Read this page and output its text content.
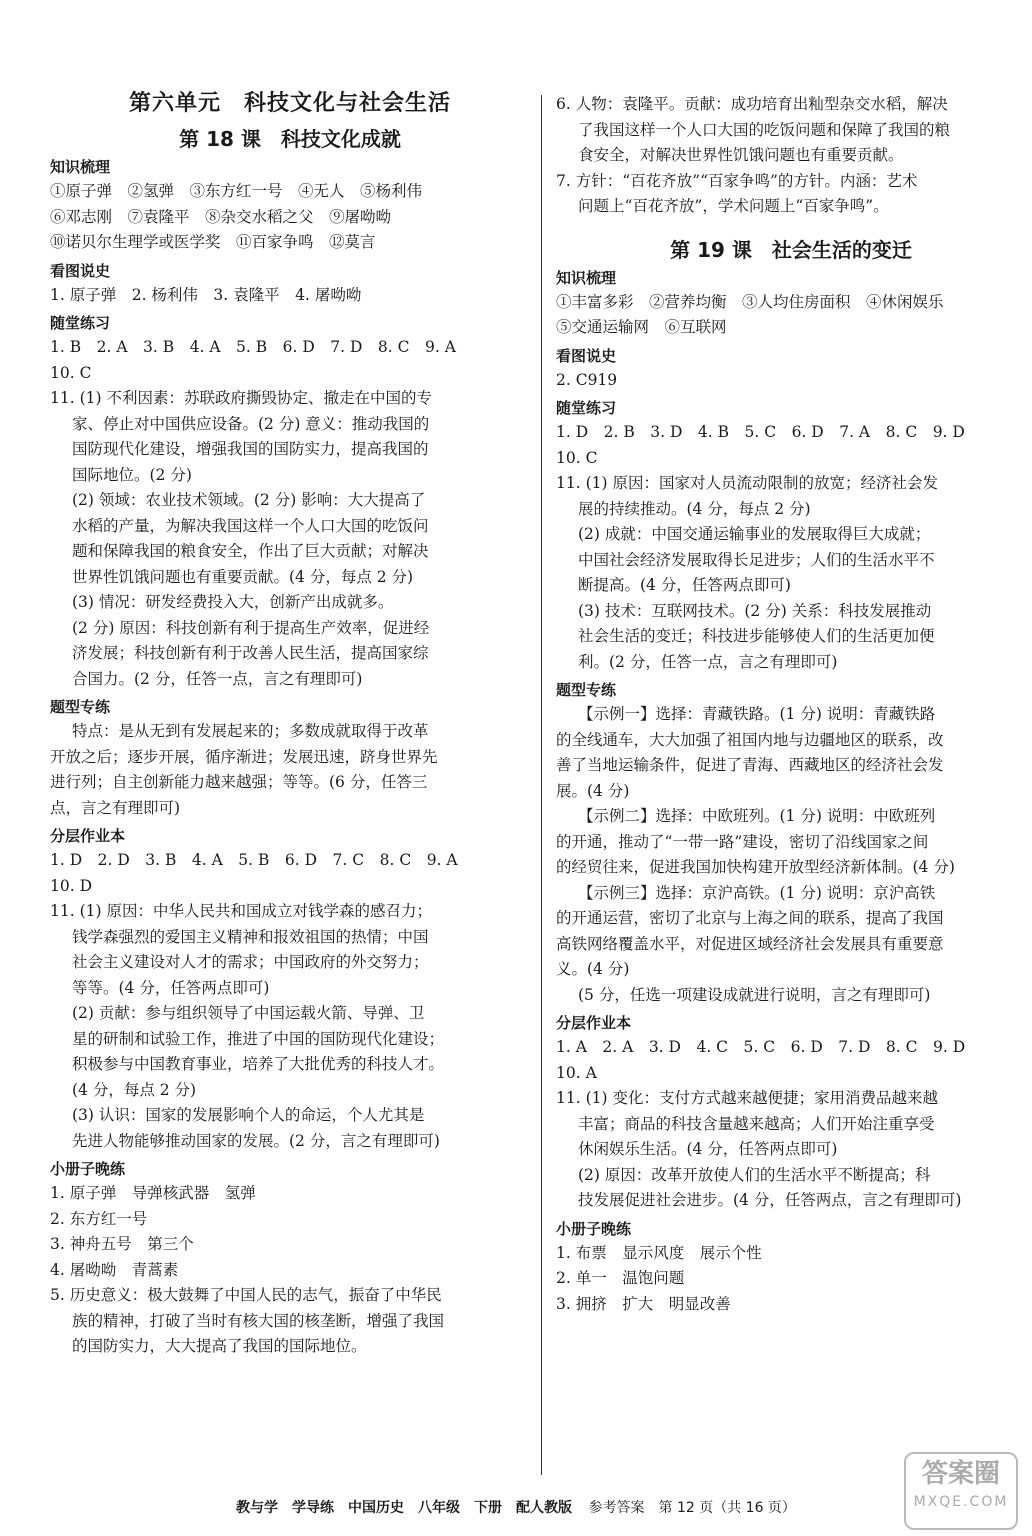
第六单元　科技文化与社会生活
第 18 课　科技文化成就
知识梳理

①原子弹　②氢弹　③东方红一号　④无人　⑤杨利伟

⑥邓志刚　⑦袁隆平　⑧杂交水稻之父　⑨屠呦呦

⑩诺贝尔生理学或医学奖　⑪百家争鸣　⑫莫言

看图说史

1. 原子弹　2. 杨利伟　3. 袁隆平　4. 屠呦呦

随堂练习

1. B　2. A　3. B　4. A　5. B　6. D　7. D　8. C　9. A

10. C

11. (1) 不利因素：苏联政府撕毁协定、撤走在中国的专

家、停止对中国供应设备。(2 分) 意义：推动我国的

国防现代化建设，增强我国的国防实力，提高我国的

国际地位。(2 分)

(2) 领域：农业技术领域。(2 分) 影响：大大提高了

水稻的产量，为解决我国这样一个人口大国的吃饭问

题和保障我国的粮食安全，作出了巨大贡献；对解决

世界性饥饿问题也有重要贡献。(4 分，每点 2 分)

(3) 情况：研发经费投入大，创新产出成就多。

(2 分) 原因：科技创新有利于提高生产效率，促进经

济发展；科技创新有利于改善人民生活，提高国家综

合国力。(2 分，任答一点，言之有理即可)

题型专练

特点：是从无到有发展起来的；多数成就取得于改革

开放之后；逐步开展，循序渐进；发展迅速，跻身世界先

进行列；自主创新能力越来越强；等等。(6 分，任答三

点，言之有理即可)

分层作业本

1. D　2. D　3. B　4. A　5. B　6. D　7. C　8. C　9. A

10. D

11. (1) 原因：中华人民共和国成立对钱学森的感召力；

钱学森强烈的爱国主义精神和报效祖国的热情；中国

社会主义建设对人才的需求；中国政府的外交努力；

等等。(4 分，任答两点即可)

(2) 贡献：参与组织领导了中国运载火箭、导弹、卫

星的研制和试验工作，推进了中国的国防现代化建设；

积极参与中国教育事业，培养了大批优秀的科技人才。

(4 分，每点 2 分)

(3) 认识：国家的发展影响个人的命运，个人尤其是

先进人物能够推动国家的发展。(2 分，言之有理即可)

小册子晚练

1. 原子弹　导弹核武器　氢弹

2. 东方红一号

3. 神舟五号　第三个

4. 屠呦呦　青蒿素

5. 历史意义：极大鼓舞了中国人民的志气，振奋了中华民

族的精神，打破了当时有核大国的核垄断，增强了我国

的国防实力，大大提高了我国的国际地位。

6. 人物：袁隆平。贡献：成功培育出籼型杂交水稻，解决

了我国这样一个人口大国的吃饭问题和保障了我国的粮

食安全，对解决世界性饥饿问题也有重要贡献。

7. 方针：“百花齐放”“百家争鸣”的方针。内涵：艺术

问题上“百花齐放”，学术问题上“百家争鸣”。

第 19 课　社会生活的变迁
知识梳理

①丰富多彩　②营养均衡　③人均住房面积　④休闲娱乐

⑤交通运输网　⑥互联网

看图说史

2. C919

随堂练习

1. D　2. B　3. D　4. B　5. C　6. D　7. A　8. C　9. D

10. C

11. (1) 原因：国家对人员流动限制的放宽；经济社会发

展的持续推动。(4 分，每点 2 分)

(2) 成就：中国交通运输事业的发展取得巨大成就；

中国社会经济发展取得长足进步；人们的生活水平不

断提高。(4 分，任答两点即可)

(3) 技术：互联网技术。(2 分) 关系：科技发展推动

社会生活的变迁；科技进步能够使人们的生活更加便

利。(2 分，任答一点，言之有理即可)

题型专练

【示例一】选择：青藏铁路。(1 分) 说明：青藏铁路

的全线通车，大大加强了祖国内地与边疆地区的联系，改

善了当地运输条件，促进了青海、西藏地区的经济社会发

展。(4 分)

【示例二】选择：中欧班列。(1 分) 说明：中欧班列

的开通，推动了“一带一路”建设，密切了沿线国家之间

的经贸往来，促进我国加快构建开放型经济新体制。(4 分)

【示例三】选择：京沪高铁。(1 分) 说明：京沪高铁

的开通运营，密切了北京与上海之间的联系，提高了我国

高铁网络覆盖水平，对促进区域经济社会发展具有重要意

义。(4 分)

(5 分，任选一项建设成就进行说明，言之有理即可)

分层作业本

1. A　2. A　3. D　4. C　5. C　6. D　7. D　8. C　9. D

10. A

11. (1) 变化：支付方式越来越便捷；家用消费品越来越

丰富；商品的科技含量越来越高；人们开始注重享受

休闲娱乐生活。(4 分，任答两点即可)

(2) 原因：改革开放使人们的生活水平不断提高；科

技发展促进社会进步。(4 分，任答两点，言之有理即可)

小册子晚练

1. 布票　显示风度　展示个性

2. 单一　温饱问题

3. 拥挤　扩大　明显改善

教与学　学导练　中国历史　八年级　下册　配人教版 参考答案　第 12 页（共 16 页）
答案圈
MXQE.COM
